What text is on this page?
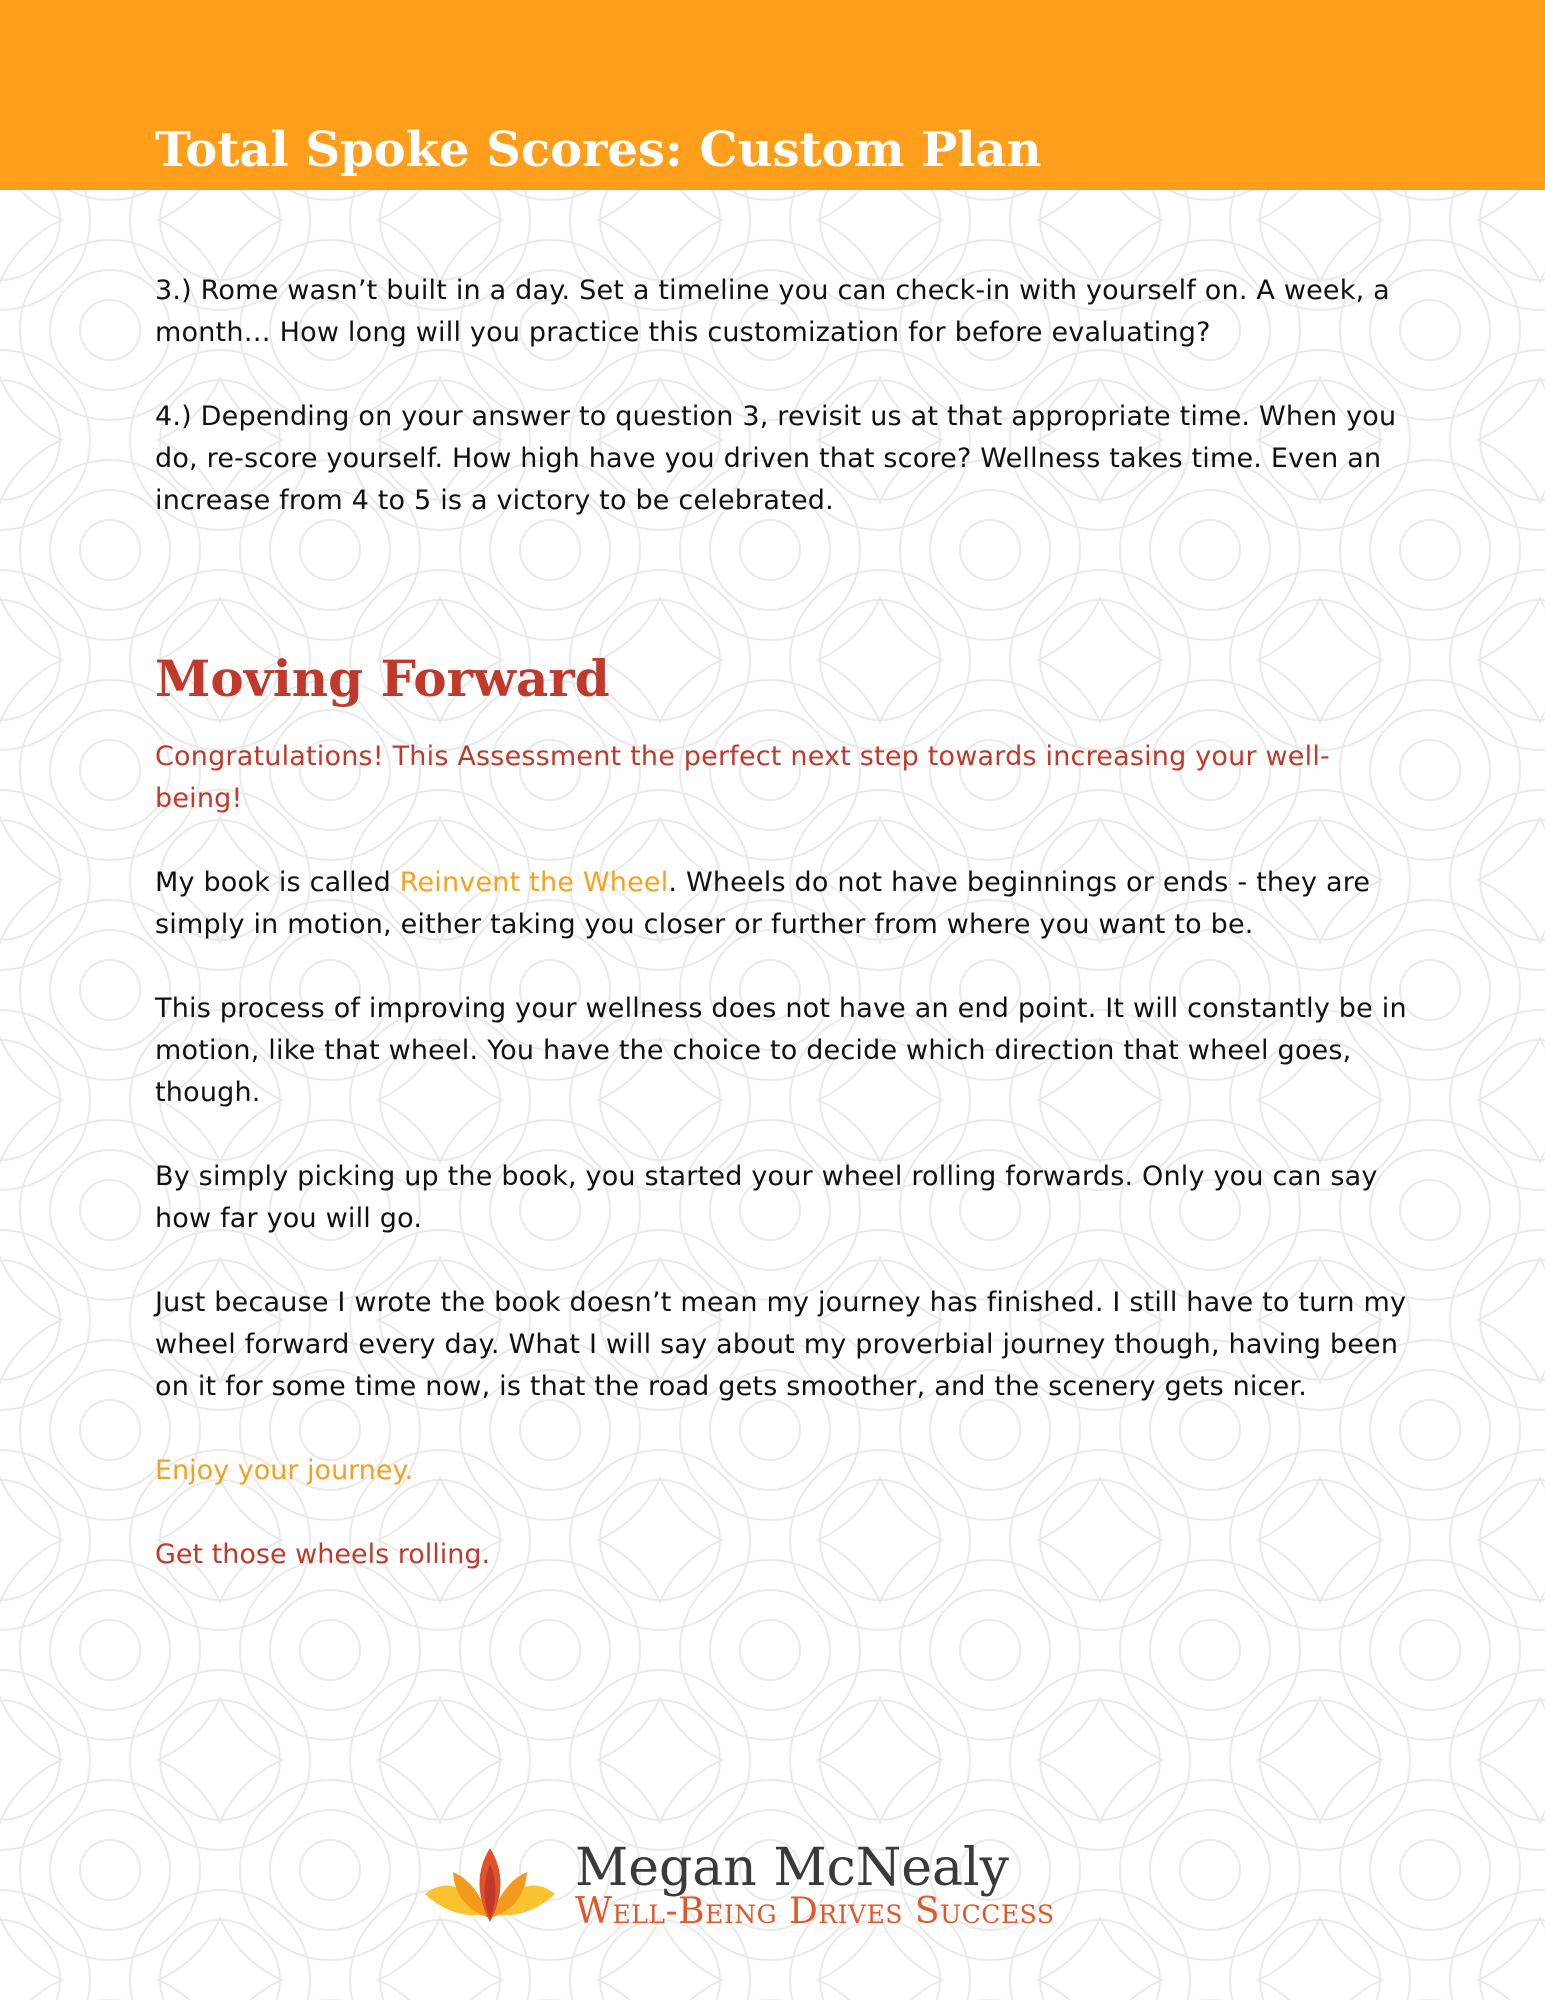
Total Spoke Scores: Custom Plan

3.) Rome wasn’t built in a day. Set a timeline you can check-in with yourself on. A week, a month… How long will you practice this customization for before evaluating?

4.) Depending on your answer to question 3, revisit us at that appropriate time. When you do, re-score yourself. How high have you driven that score? Wellness takes time. Even an increase from 4 to 5 is a victory to be celebrated.

Moving Forward

Congratulations! This Assessment the perfect next step towards increasing your well-being!

My book is called Reinvent the Wheel. Wheels do not have beginnings or ends - they are simply in motion, either taking you closer or further from where you want to be.

This process of improving your wellness does not have an end point. It will constantly be in motion, like that wheel. You have the choice to decide which direction that wheel goes, though.

By simply picking up the book, you started your wheel rolling forwards. Only you can say how far you will go.

Just because I wrote the book doesn’t mean my journey has finished. I still have to turn my wheel forward every day. What I will say about my proverbial journey though, having been on it for some time now, is that the road gets smoother, and the scenery gets nicer.

Enjoy your journey.

Get those wheels rolling.

Megan McNealy
Well-Being Drives Success
